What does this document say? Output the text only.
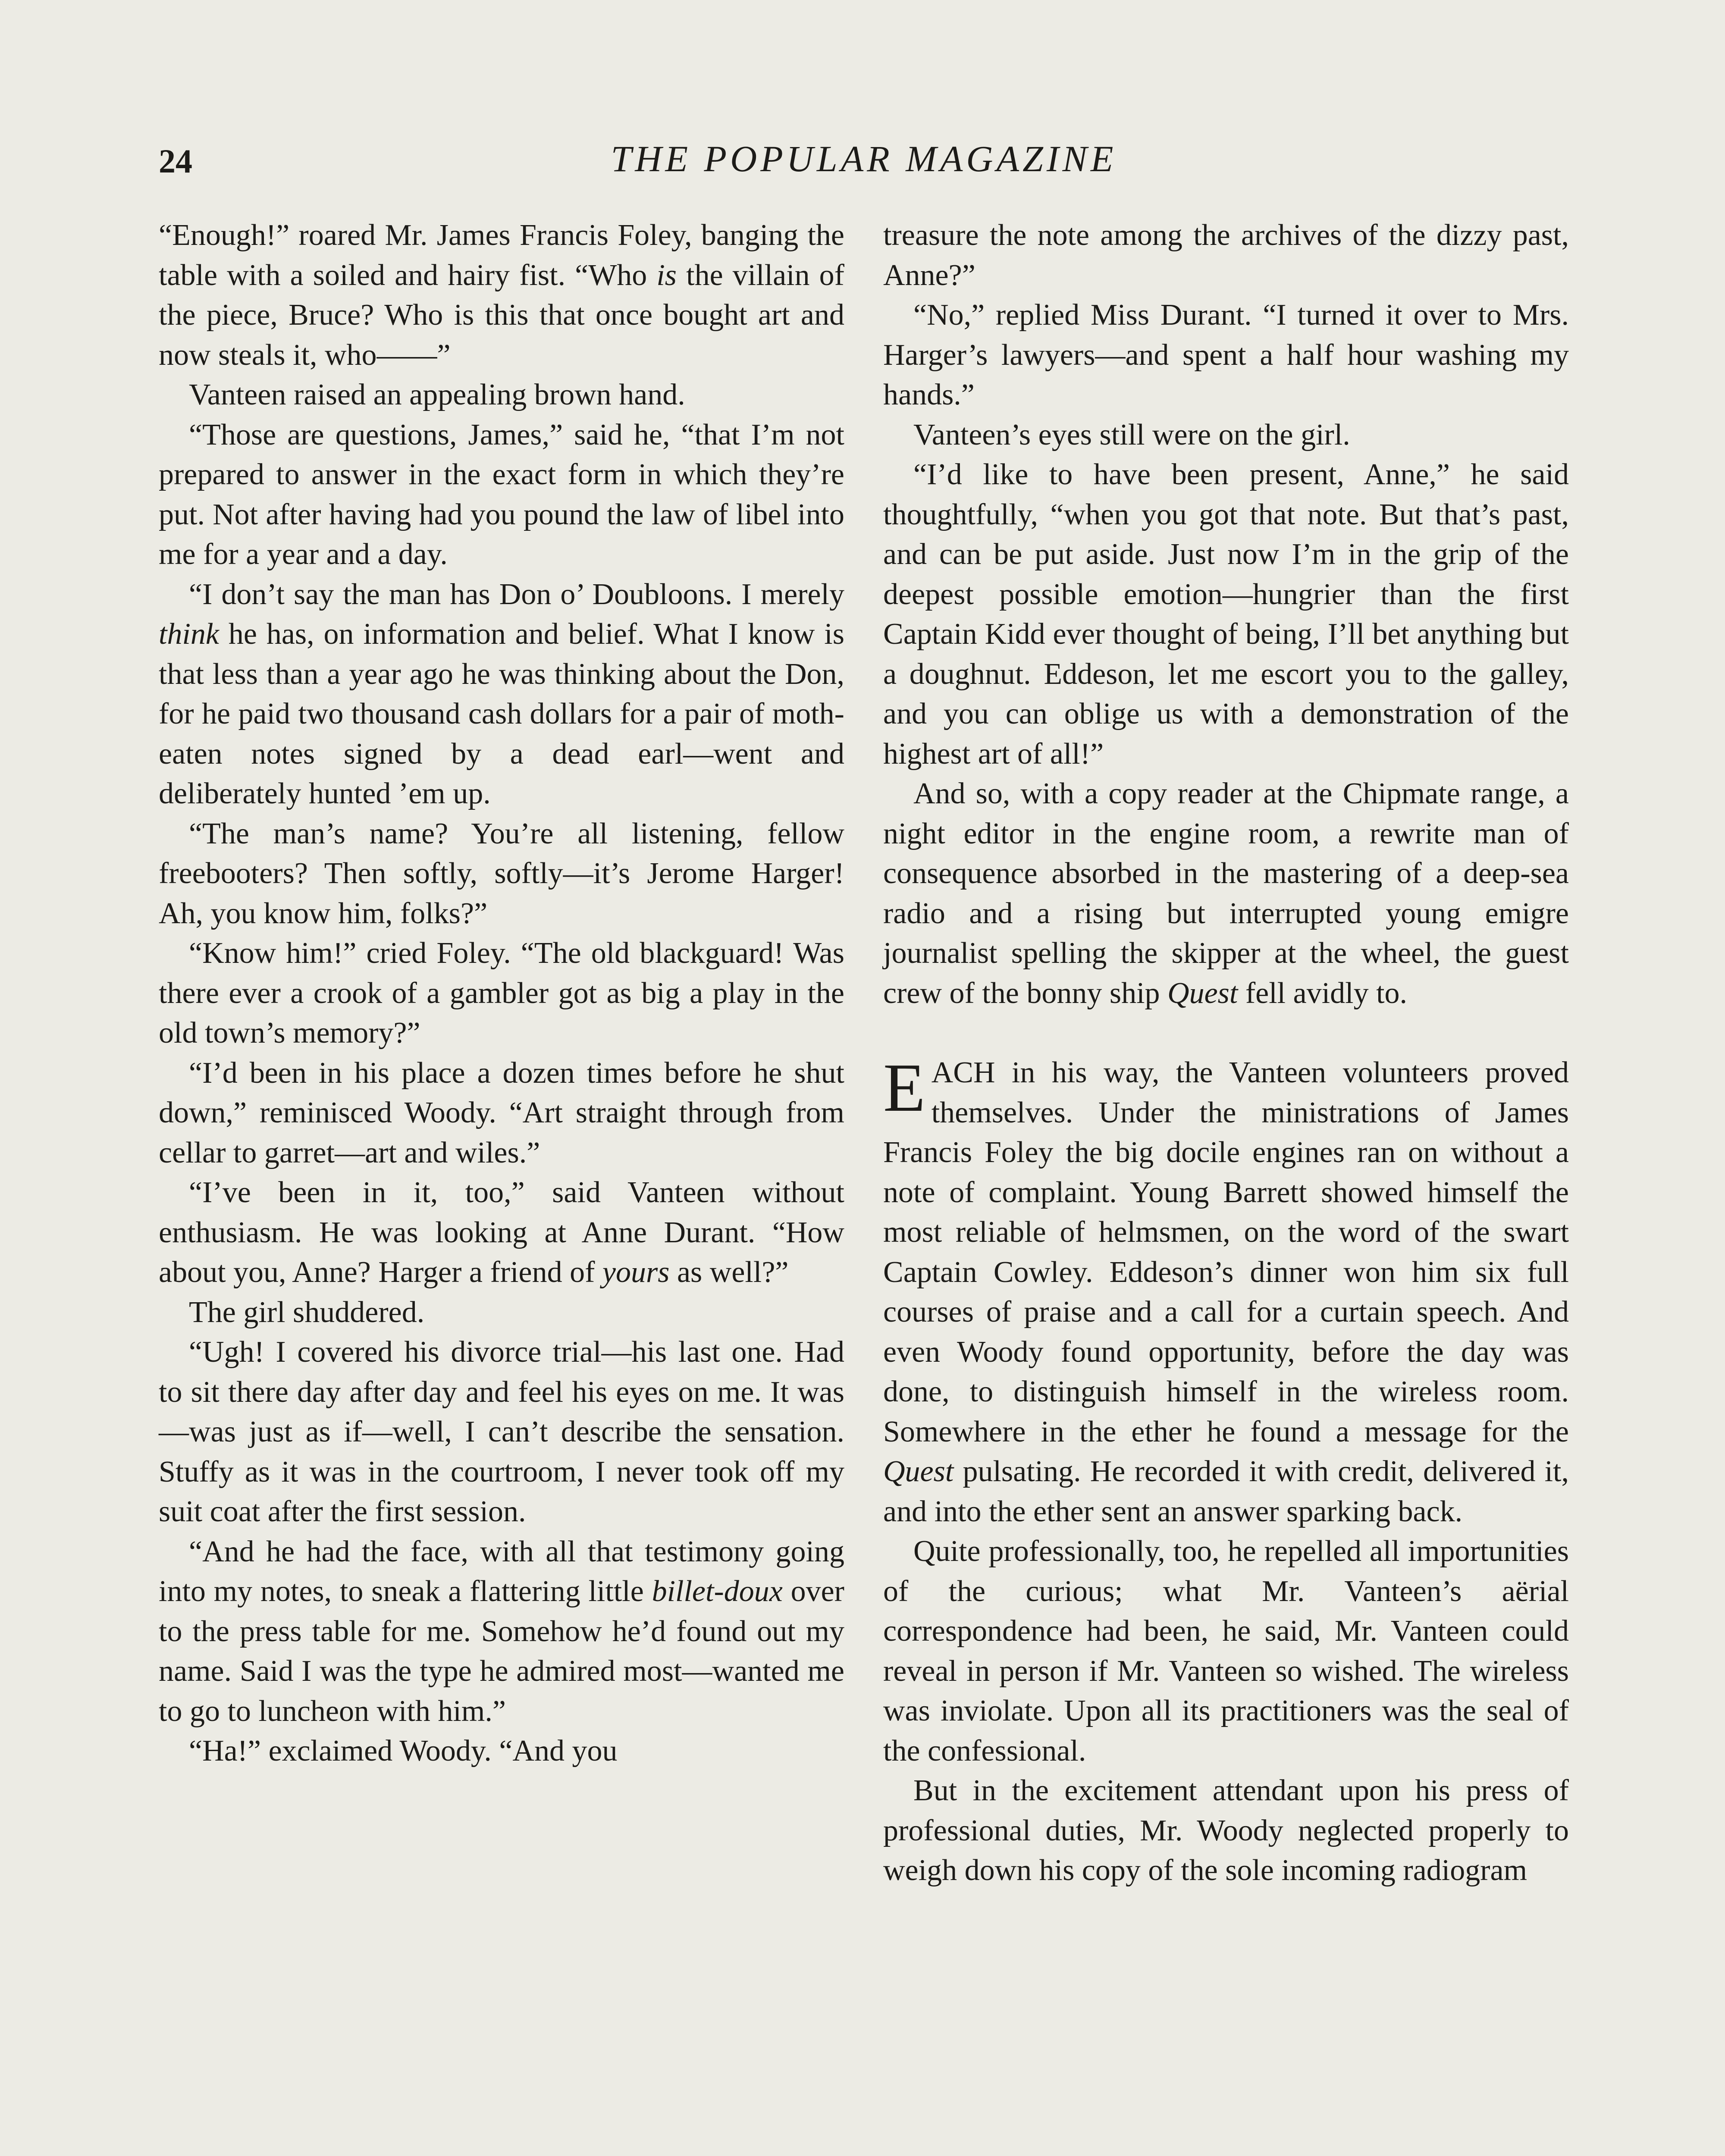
24	THE POPULAR MAGAZINE

“Enough!” roared Mr. James Francis Foley, banging the table with a soiled and hairy fist. “Who is the villain of the piece, Bruce? Who is this that once bought art and now steals it, who——”

Vanteen raised an appealing brown hand.

“Those are questions, James,” said he, “that I’m not prepared to answer in the exact form in which they’re put. Not after having had you pound the law of libel into me for a year and a day.

“I don’t say the man has Don o’ Doubloons. I merely think he has, on information and belief. What I know is that less than a year ago he was thinking about the Don, for he paid two thousand cash dollars for a pair of moth-eaten notes signed by a dead earl—went and deliberately hunted ’em up.

“The man’s name? You’re all listening, fellow freebooters? Then softly, softly—it’s Jerome Harger! Ah, you know him, folks?”

“Know him!” cried Foley. “The old blackguard! Was there ever a crook of a gambler got as big a play in the old town’s memory?”

“I’d been in his place a dozen times before he shut down,” reminisced Woody. “Art straight through from cellar to garret—art and wiles.”

“I’ve been in it, too,” said Vanteen without enthusiasm. He was looking at Anne Durant. “How about you, Anne? Harger a friend of yours as well?”

The girl shuddered.

“Ugh! I covered his divorce trial—his last one. Had to sit there day after day and feel his eyes on me. It was—was just as if—well, I can’t describe the sensation. Stuffy as it was in the courtroom, I never took off my suit coat after the first session.

“And he had the face, with all that testimony going into my notes, to sneak a flattering little billet-doux over to the press table for me. Somehow he’d found out my name. Said I was the type he admired most—wanted me to go to luncheon with him.”

“Ha!” exclaimed Woody. “And you

treasure the note among the archives of the dizzy past, Anne?”

“No,” replied Miss Durant. “I turned it over to Mrs. Harger’s lawyers—and spent a half hour washing my hands.”

Vanteen’s eyes still were on the girl.

“I’d like to have been present, Anne,” he said thoughtfully, “when you got that note. But that’s past, and can be put aside. Just now I’m in the grip of the deepest possible emotion—hungrier than the first Captain Kidd ever thought of being, I’ll bet anything but a doughnut. Eddeson, let me escort you to the galley, and you can oblige us with a demonstration of the highest art of all!”

And so, with a copy reader at the Chipmate range, a night editor in the engine room, a rewrite man of consequence absorbed in the mastering of a deep-sea radio and a rising but interrupted young emigre journalist spelling the skipper at the wheel, the guest crew of the bonny ship Quest fell avidly to.

EACH in his way, the Vanteen volunteers proved themselves. Under the ministrations of James Francis Foley the big docile engines ran on without a note of complaint. Young Barrett showed himself the most reliable of helmsmen, on the word of the swart Captain Cowley. Eddeson’s dinner won him six full courses of praise and a call for a curtain speech. And even Woody found opportunity, before the day was done, to distinguish himself in the wireless room. Somewhere in the ether he found a message for the Quest pulsating. He recorded it with credit, delivered it, and into the ether sent an answer sparking back.

Quite professionally, too, he repelled all importunities of the curious; what Mr. Vanteen’s aërial correspondence had been, he said, Mr. Vanteen could reveal in person if Mr. Vanteen so wished. The wireless was inviolate. Upon all its practitioners was the seal of the confessional.

But in the excitement attendant upon his press of professional duties, Mr. Woody neglected properly to weigh down his copy of the sole incoming radiogram
